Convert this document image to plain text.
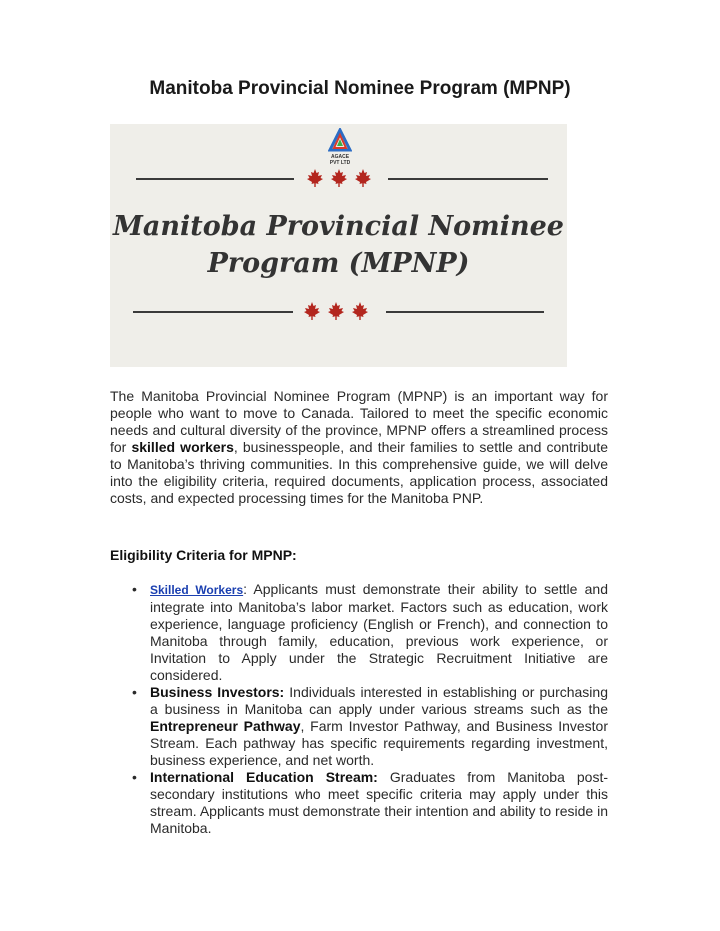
Manitoba Provincial Nominee Program (MPNP)
AGACE
PVT LTD
Manitoba Provincial Nominee
Program (MPNP)

The Manitoba Provincial Nominee Program (MPNP) is an important way for people who want to move to Canada. Tailored to meet the specific economic needs and cultural diversity of the province, MPNP offers a streamlined process for skilled workers, businesspeople, and their families to settle and contribute to Manitoba’s thriving communities. In this comprehensive guide, we will delve into the eligibility criteria, required documents, application process, associated costs, and expected processing times for the Manitoba PNP.

Eligibility Criteria for MPNP:
• Skilled Workers: Applicants must demonstrate their ability to settle and integrate into Manitoba’s labor market. Factors such as education, work experience, language proficiency (English or French), and connection to Manitoba through family, education, previous work experience, or Invitation to Apply under the Strategic Recruitment Initiative are considered.
• Business Investors: Individuals interested in establishing or purchasing a business in Manitoba can apply under various streams such as the Entrepreneur Pathway, Farm Investor Pathway, and Business Investor Stream. Each pathway has specific requirements regarding investment, business experience, and net worth.
• International Education Stream: Graduates from Manitoba post-secondary institutions who meet specific criteria may apply under this stream. Applicants must demonstrate their intention and ability to reside in Manitoba.
